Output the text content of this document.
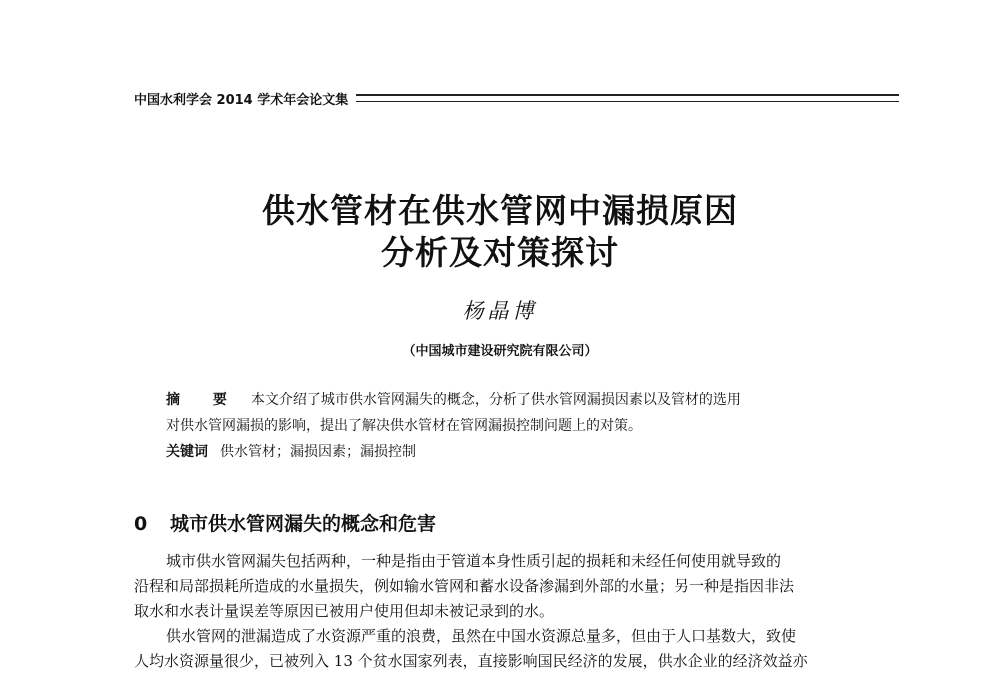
中国水利学会 2014 学术年会论文集
供水管材在供水管网中漏损原因
分析及对策探讨
杨晶博
（中国城市建设研究院有限公司）
摘 要 本文介绍了城市供水管网漏失的概念，分析了供水管网漏损因素以及管材的选用
对供水管网漏损的影响，提出了解决供水管材在管网漏损控制问题上的对策。
关键词 供水管材；漏损因素；漏损控制
0 城市供水管网漏失的概念和危害
城市供水管网漏失包括两种，一种是指由于管道本身性质引起的损耗和未经任何使用就导致的
沿程和局部损耗所造成的水量损失，例如输水管网和蓄水设备渗漏到外部的水量；另一种是指因非法
取水和水表计量误差等原因已被用户使用但却未被记录到的水。
供水管网的泄漏造成了水资源严重的浪费，虽然在中国水资源总量多，但由于人口基数大，致使
人均水资源量很少，已被列入 13 个贫水国家列表，直接影响国民经济的发展，供水企业的经济效益亦
